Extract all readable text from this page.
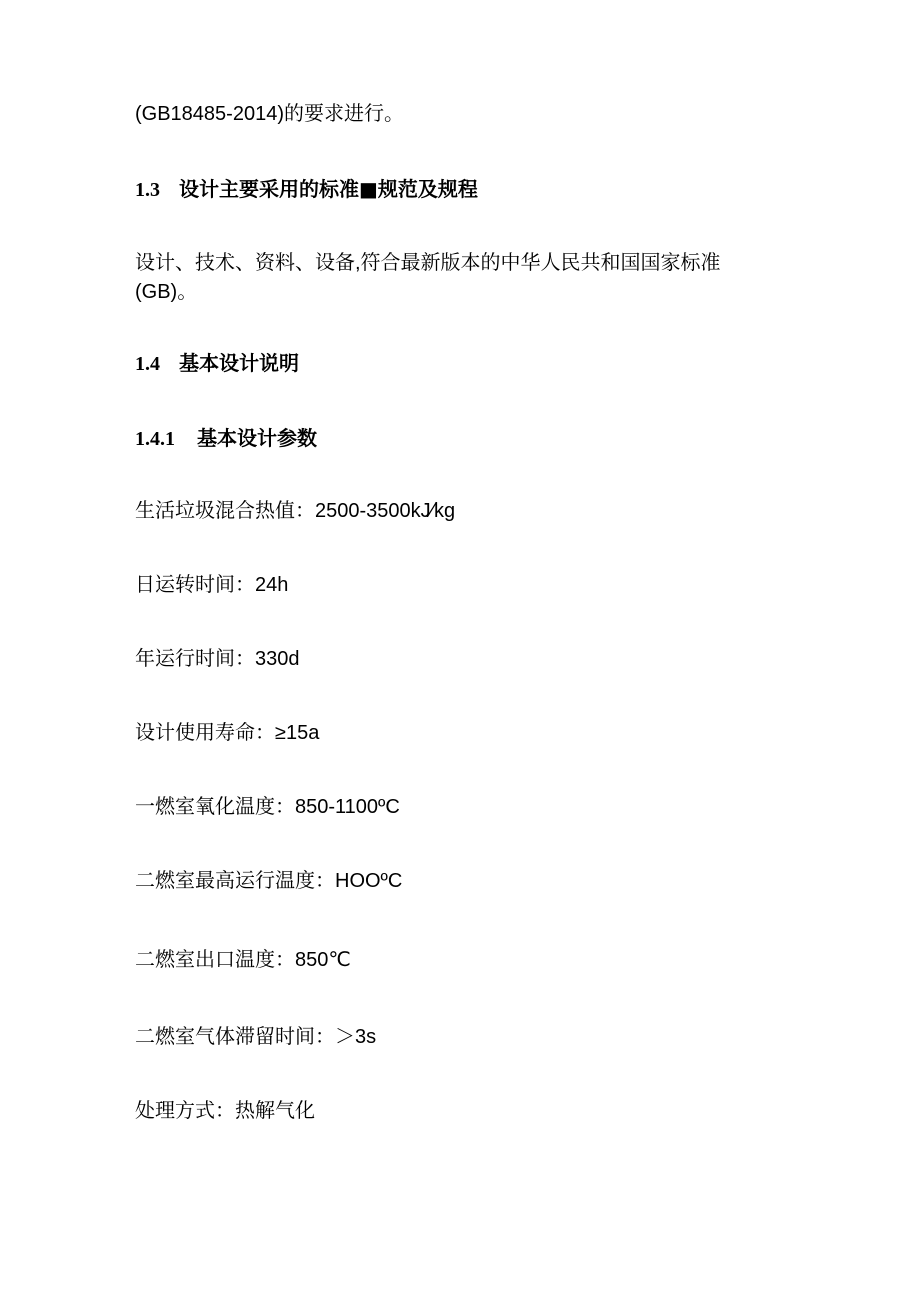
(GB18485-2014)的要求进行。
1.3 设计主要采用的标准■规范及规程
设计、技术、资料、设备,符合最新版本的中华人民共和国国家标准
(GB)。
1.4 基本设计说明
1.4.1 基本设计参数
生活垃圾混合热值：2500-3500kJ⁄kg
日运转时间：24h
年运行时间：330d
设计使用寿命：≥15a
一燃室氧化温度：850-1100ºC
二燃室最高运行温度：HOOºC
二燃室出口温度：850℃
二燃室气体滞留时间：＞3s
处理方式：热解气化
